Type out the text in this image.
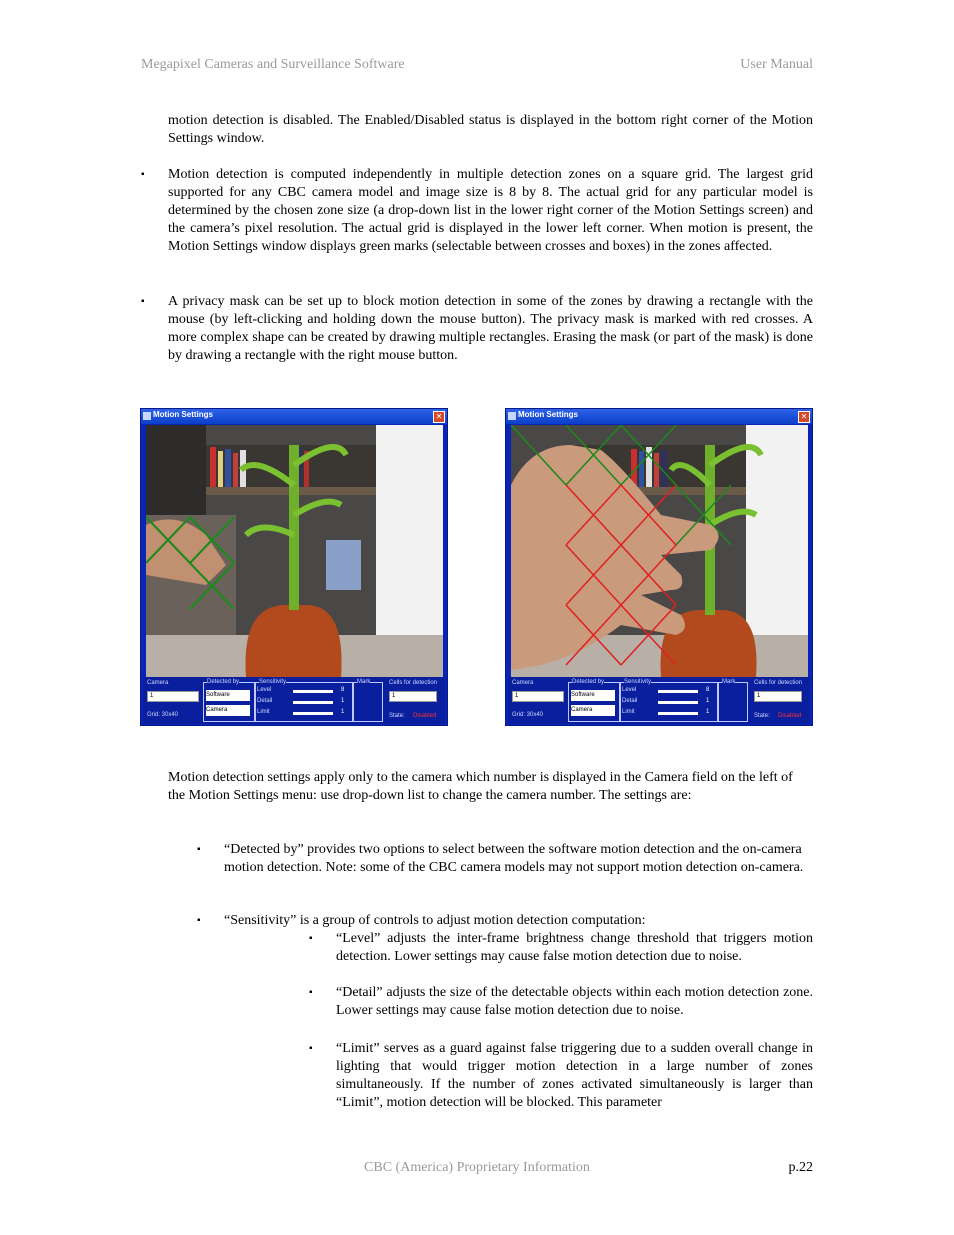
Megapixel Cameras and Surveillance Software	User Manual

motion detection is disabled. The Enabled/Disabled status is displayed in the bottom right corner of the Motion Settings window.

▪ Motion detection is computed independently in multiple detection zones on a square grid. The largest grid supported for any CBC camera model and image size is 8 by 8. The actual grid for any particular model is determined by the chosen zone size (a drop-down list in the lower right corner of the Motion Settings screen) and the camera’s pixel resolution. The actual grid is displayed in the lower left corner. When motion is present, the Motion Settings window displays green marks (selectable between crosses and boxes) in the zones affected.

▪ A privacy mask can be set up to block motion detection in some of the zones by drawing a rectangle with the mouse (by left-clicking and holding down the mouse button). The privacy mask is marked with red crosses. A more complex shape can be created by drawing multiple rectangles. Erasing the mask (or part of the mask) is done by drawing a rectangle with the right mouse button.

Motion Settings	✕
Camera
1
Grid: 30x40
Detected by
Software
Camera
Sensitivity
Level	8
Detail	1
Limit	1
Mark	Cells for detection
1
State: Disabled
Motion Settings	✕
Camera
1
Grid: 30x40
Detected by
Software
Camera
Sensitivity
Level	8
Detail	1
Limit	1
Mark	Cells for detection
1
State: Disabled

Motion detection settings apply only to the camera which number is displayed in the Camera field on the left of the Motion Settings menu: use drop-down list to change the camera number. The settings are:

▪ “Detected by” provides two options to select between the software motion detection and the on-camera motion detection. Note: some of the CBC camera models may not support motion detection on-camera.

▪ “Sensitivity” is a group of controls to adjust motion detection computation:

▪ “Level” adjusts the inter-frame brightness change threshold that triggers motion detection. Lower settings may cause false motion detection due to noise.

▪ “Detail” adjusts the size of the detectable objects within each motion detection zone. Lower settings may cause false motion detection due to noise.

▪ “Limit” serves as a guard against false triggering due to a sudden overall change in lighting that would trigger motion detection in a large number of zones simultaneously. If the number of zones activated simultaneously is larger than “Limit”, motion detection will be blocked. This parameter

CBC (America) Proprietary Information	p.22
